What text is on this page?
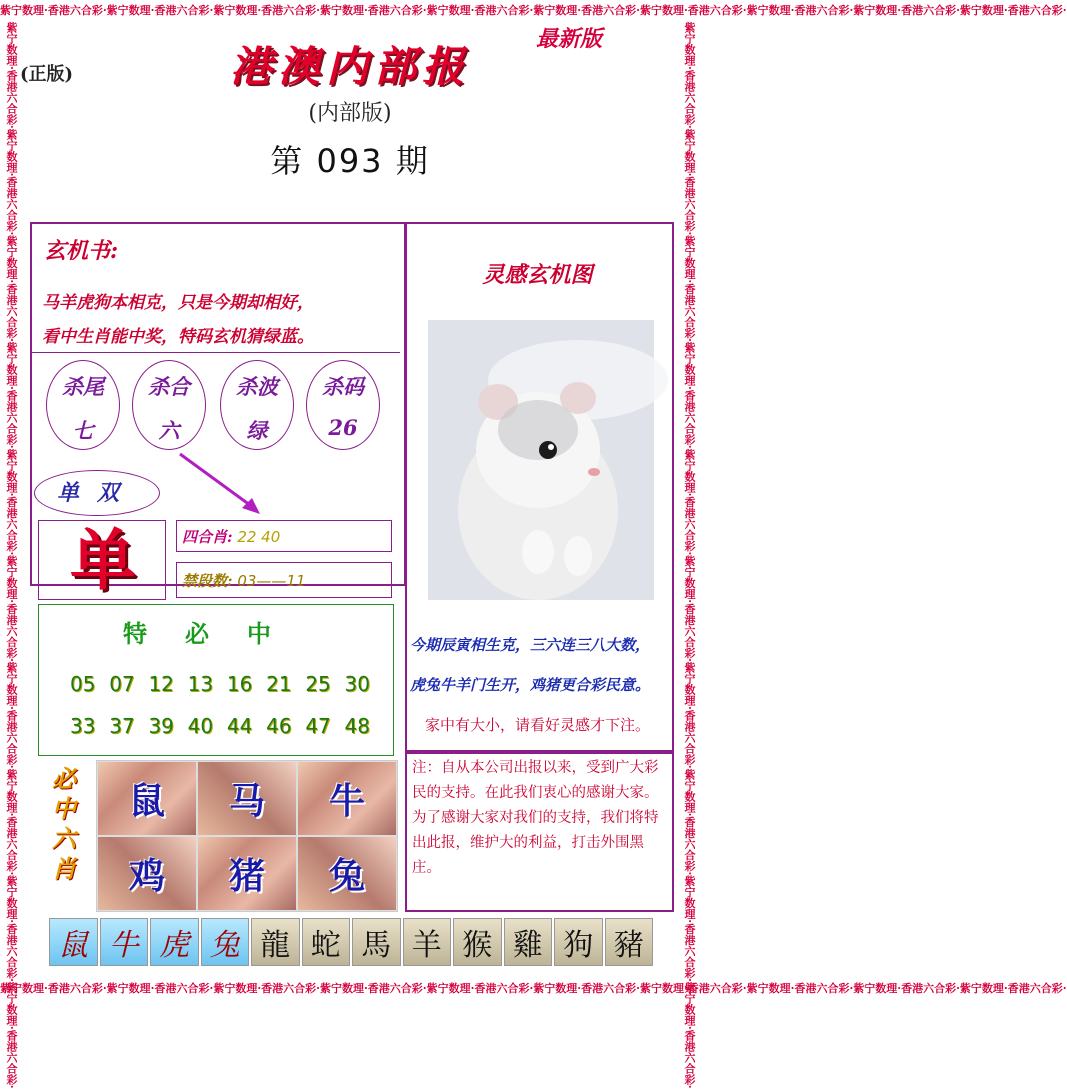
紫宁数理·香港六合彩·紫宁数理·香港六合彩·紫宁数理·香港六合彩·紫宁数理·香港六合彩·紫宁数理·香港六合彩·紫宁数理·香港六合彩·紫宁数理·香港六合彩·紫宁数理·香港六合彩·紫宁数理·香港六合彩·紫宁数理·香港六合彩·
紫宁数理·香港六合彩·紫宁数理·香港六合彩·紫宁数理·香港六合彩·紫宁数理·香港六合彩·紫宁数理·香港六合彩·紫宁数理·香港六合彩·紫宁数理·香港六合彩·紫宁数理·香港六合彩·紫宁数理·香港六合彩·紫宁数理·香港六合彩·
紫宁数理·香港六合彩·紫宁数理·香港六合彩·紫宁数理·香港六合彩·紫宁数理·香港六合彩·紫宁数理·香港六合彩·紫宁数理·香港六合彩·紫宁数理·香港六合彩·紫宁数理·香港六合彩·紫宁数理·香港六合彩·紫宁数理·香港六合彩·	紫宁数理·香港六合彩·紫宁数理·香港六合彩·紫宁数理·香港六合彩·紫宁数理·香港六合彩·紫宁数理·香港六合彩·紫宁数理·香港六合彩·紫宁数理·香港六合彩·紫宁数理·香港六合彩·紫宁数理·香港六合彩·紫宁数理·香港六合彩·
(正版)
最新版
港澳内部报
(内部版)
第 093 期
玄机书:
马羊虎狗本相克，只是今期却相好，
看中生肖能中奖，特码玄机猜绿蓝。
杀尾
七
杀合
六
杀波
绿
杀码
26
单双
单	四合肖: 22 40
禁段数: 03——11
特必中
05 07 12 13 16 21 25 30
33 37 39 40 44 46 47 48
必
中
六
肖
鼠 马 牛
鸡 猪 兔
灵感玄机图
今期辰寅相生克，三六连三八大数，
虎兔牛羊门生开，鸡猪更合彩民意。
家中有大小，请看好灵感才下注。
注：自从本公司出报以来，受到广大彩民的支持。在此我们衷心的感谢大家。为了感谢大家对我们的支持，我们将特出此报，维护大的利益，打击外围黑庄。
鼠 牛 虎 兔 龍 蛇 馬 羊 猴 雞 狗 豬
